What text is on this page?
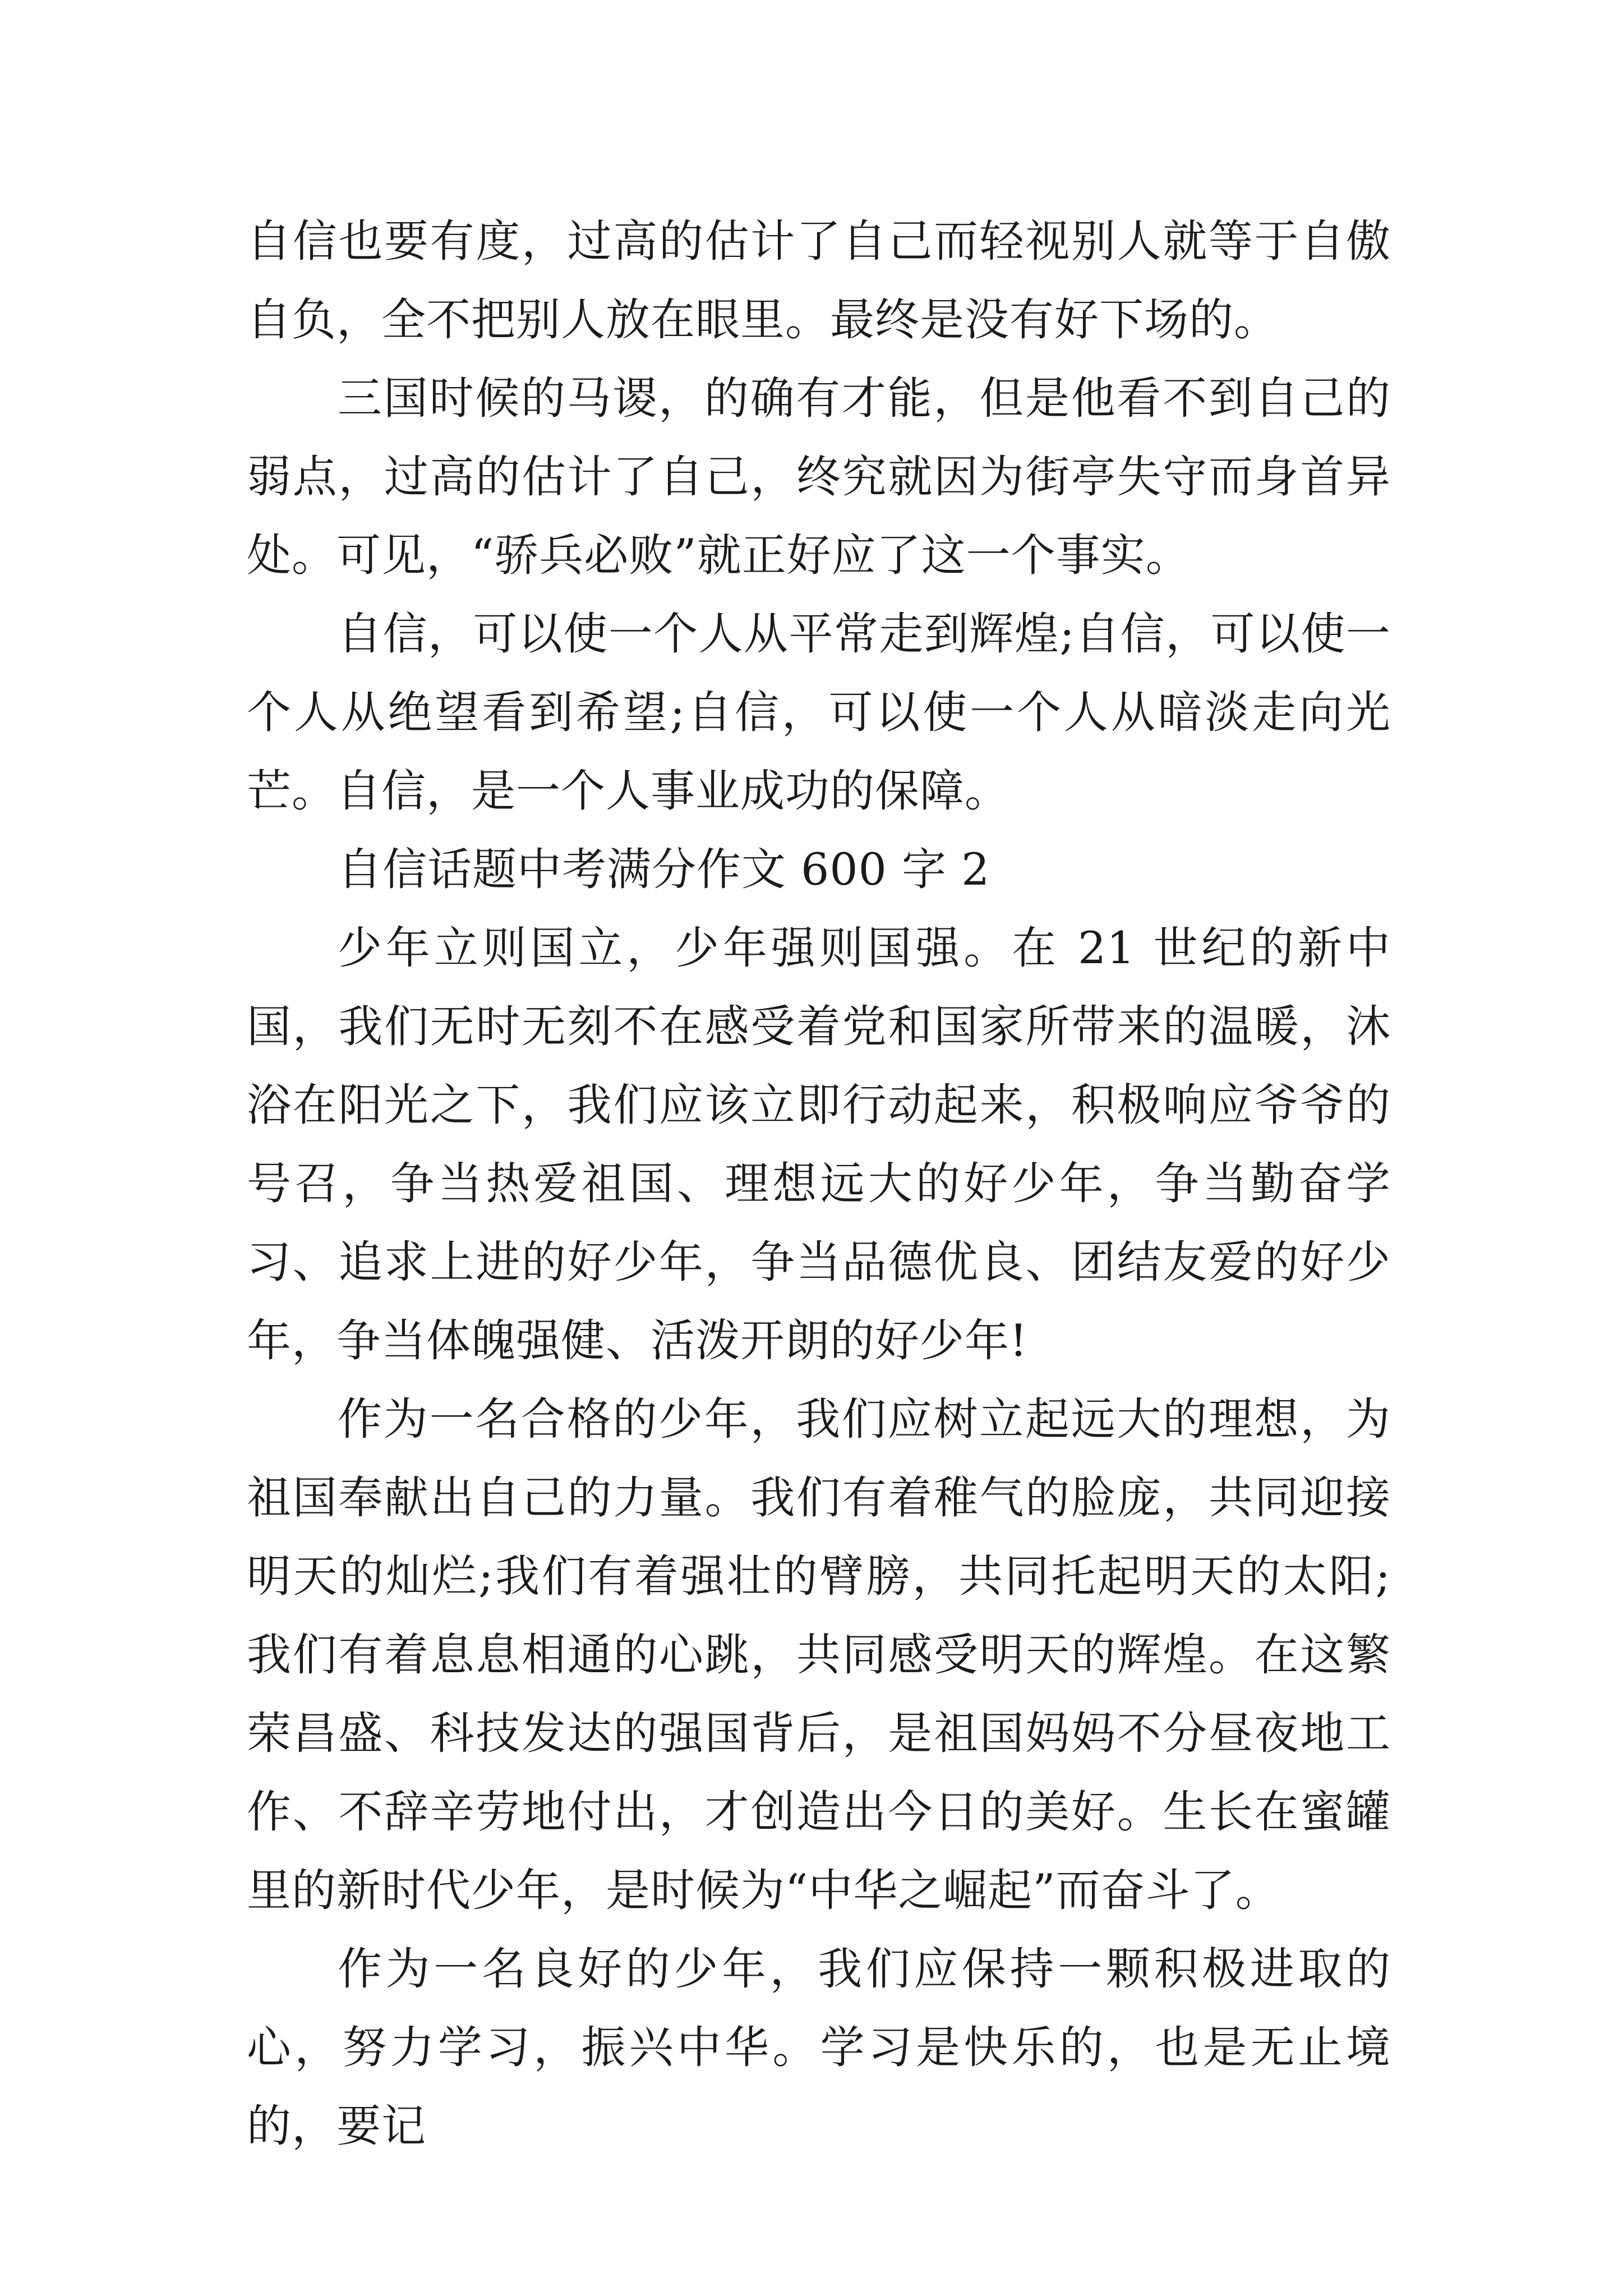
自信也要有度，过高的估计了自己而轻视别人就等于自傲自负，全不把别人放在眼里。最终是没有好下场的。

三国时候的马谡，的确有才能，但是他看不到自己的弱点，过高的估计了自己，终究就因为街亭失守而身首异处。可见，“骄兵必败”就正好应了这一个事实。

自信，可以使一个人从平常走到辉煌;自信，可以使一个人从绝望看到希望;自信，可以使一个人从暗淡走向光芒。自信，是一个人事业成功的保障。

自信话题中考满分作文 600 字 2

少年立则国立，少年强则国强。在 21 世纪的新中国，我们无时无刻不在感受着党和国家所带来的温暖，沐浴在阳光之下，我们应该立即行动起来，积极响应爷爷的号召，争当热爱祖国、理想远大的好少年，争当勤奋学习、追求上进的好少年，争当品德优良、团结友爱的好少年，争当体魄强健、活泼开朗的好少年!

作为一名合格的少年，我们应树立起远大的理想，为祖国奉献出自己的力量。我们有着稚气的脸庞，共同迎接明天的灿烂;我们有着强壮的臂膀，共同托起明天的太阳;我们有着息息相通的心跳，共同感受明天的辉煌。在这繁荣昌盛、科技发达的强国背后，是祖国妈妈不分昼夜地工作、不辞辛劳地付出，才创造出今日的美好。生长在蜜罐里的新时代少年，是时候为“中华之崛起”而奋斗了。

作为一名良好的少年，我们应保持一颗积极进取的心，努力学习，振兴中华。学习是快乐的，也是无止境的，要记
